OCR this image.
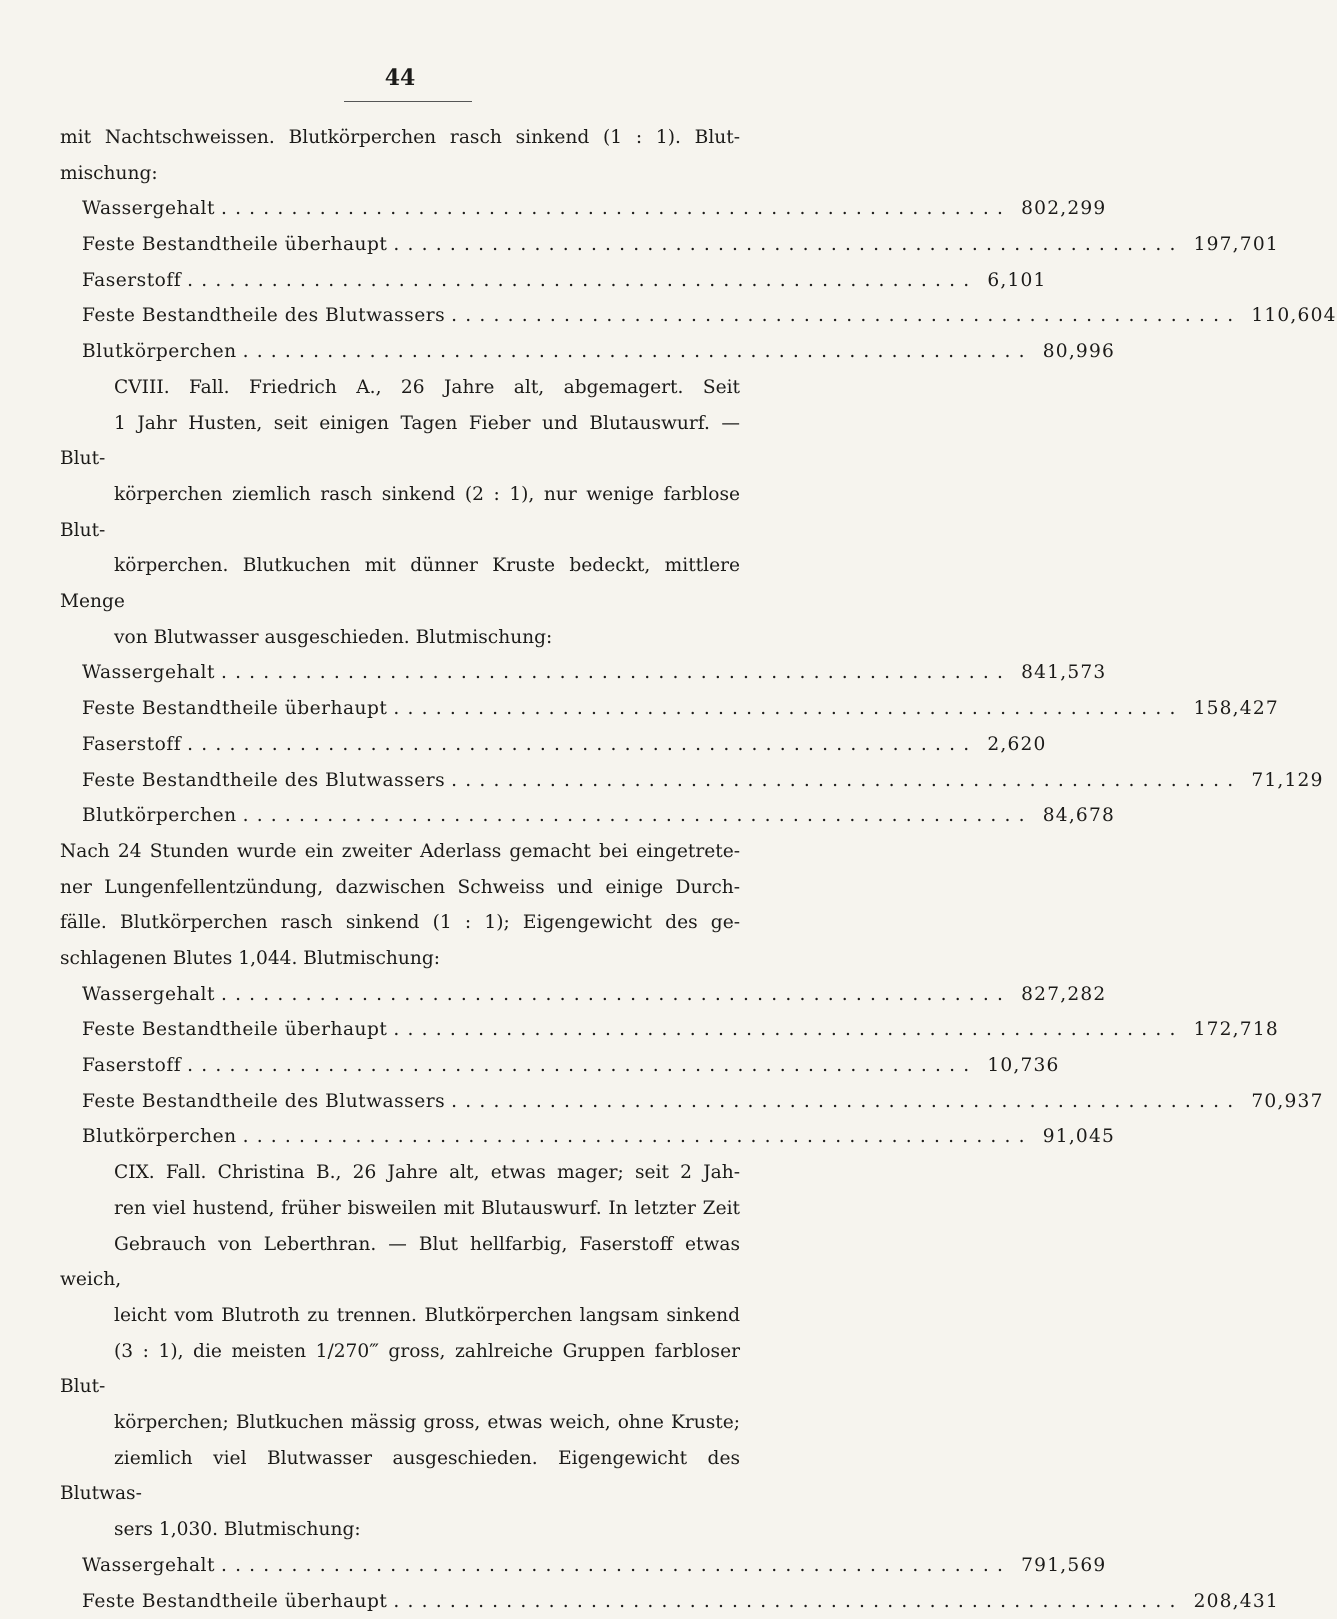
44
mit Nachtschweissen. Blutkörperchen rasch sinkend (1 : 1). Blut-
mischung:
Wassergehalt ........................................................ 802,299
Feste Bestandtheile überhaupt ........................................................ 197,701
Faserstoff ........................................................ 6,101
Feste Bestandtheile des Blutwassers ........................................................ 110,604
Blutkörperchen ........................................................ 80,996
CVIII. Fall. Friedrich A., 26 Jahre alt, abgemagert. Seit
1 Jahr Husten, seit einigen Tagen Fieber und Blutauswurf. — Blut-
körperchen ziemlich rasch sinkend (2 : 1), nur wenige farblose Blut-
körperchen. Blutkuchen mit dünner Kruste bedeckt, mittlere Menge
von Blutwasser ausgeschieden. Blutmischung:
Wassergehalt ........................................................ 841,573
Feste Bestandtheile überhaupt ........................................................ 158,427
Faserstoff ........................................................ 2,620
Feste Bestandtheile des Blutwassers ........................................................ 71,129
Blutkörperchen ........................................................ 84,678
Nach 24 Stunden wurde ein zweiter Aderlass gemacht bei eingetrete-
ner Lungenfellentzündung, dazwischen Schweiss und einige Durch-
fälle. Blutkörperchen rasch sinkend (1 : 1); Eigengewicht des ge-
schlagenen Blutes 1,044. Blutmischung:
Wassergehalt ........................................................ 827,282
Feste Bestandtheile überhaupt ........................................................ 172,718
Faserstoff ........................................................ 10,736
Feste Bestandtheile des Blutwassers ........................................................ 70,937
Blutkörperchen ........................................................ 91,045
CIX. Fall. Christina B., 26 Jahre alt, etwas mager; seit 2 Jah-
ren viel hustend, früher bisweilen mit Blutauswurf. In letzter Zeit
Gebrauch von Leberthran. — Blut hellfarbig, Faserstoff etwas weich,
leicht vom Blutroth zu trennen. Blutkörperchen langsam sinkend
(3 : 1), die meisten 1/270‴ gross, zahlreiche Gruppen farbloser Blut-
körperchen; Blutkuchen mässig gross, etwas weich, ohne Kruste;
ziemlich viel Blutwasser ausgeschieden. Eigengewicht des Blutwas-
sers 1,030. Blutmischung:
Wassergehalt ........................................................ 791,569
Feste Bestandtheile überhaupt ........................................................ 208,431
